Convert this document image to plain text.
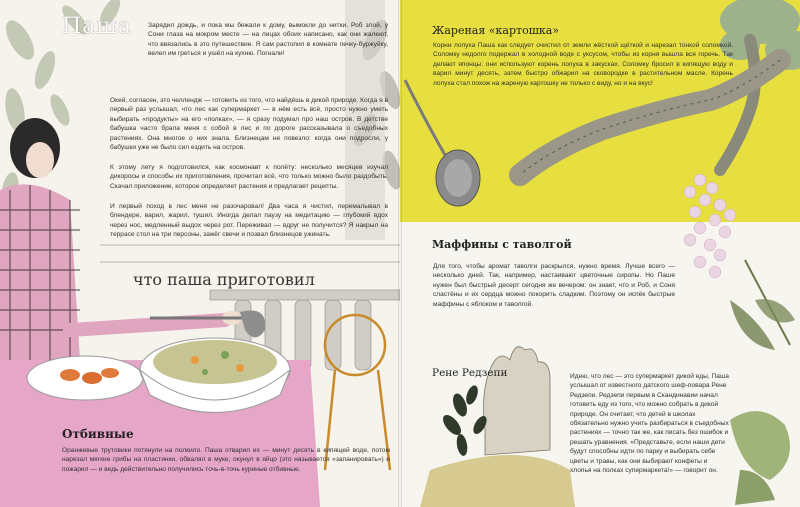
Паша Зарядил дождь, и пока мы бежали к дому, вымокли до нитки. Роб злой, у Сони глаза на мокром месте — на лицах обоих написано, как они жалеют, что ввязались в это путешествие. Я сам растопил в комнате печку-буржуйку, велел им греться и ушёл на кухню. Погнали!
Окей, согласен, это челлендж — готовить из того, что найдёшь в дикой природе. Когда я в первый раз услышал, что лес как супермаркет — в нём есть всё, просто нужно уметь выбирать «продукты» на его «полках», — я сразу подумал про наш остров. В детстве бабушка часто брала меня с собой в лес и по дороге рассказывала о съедобных растениях. Она многое о них знала. Близнецам не повезло: когда они подросли, у бабушки уже не было сил ездить на остров.
К этому лету я подготовился, как космонавт к полёту: несколько месяцев изучал дикоросы и способы их приготовления, прочитал всё, что только можно было раздобыть. Скачал приложение, которое определяет растения и предлагает рецепты.
И первый поход в лес меня не разочаровал! Два часа я чистил, перемалывал в блендере, варил, жарил, тушил. Иногда делал паузу на медитацию — глубокий вдох через нос, медленный выдох через рот. Переживал — вдруг не получится? Я накрыл на террасе стол на три персоны, зажёг свечи и позвал близнецов ужинать.
что паша приготовил
Отбивные
Оранжевые трутовики потянули на полкило. Паша отварил их — минут десять в кипящей воде, потом нарезал мягкие грибы на пластинки, обвалял в муке, окунул в яйцо (это называется «запанировать») и пожарил — и ведь действительно получились точь-в-точь куриные отбивные.
Жареная «картошка»
Корни лопуха Паша как следует очистил от земли жёсткой щёткой и нарезал тонкой соломкой. Соломку недолго подержал в холодной воде с уксусом, чтобы из корня вышла вся горечь. Так делают японцы: они используют корень лопуха в закусках. Соломку бросил в кипящую воду и варил минут десять, затем быстро обжарил на сковородке в растительном масле. Корень лопуха стал похож на жареную картошку не только с виду, но и на вкус!
Маффины с таволгой
Для того, чтобы аромат таволги раскрылся, нужно время. Лучше всего — несколько дней. Так, например, настаивают цветочные сиропы. Но Паше нужен был быстрый десерт сегодня же вечером: он знает, что и Роб, и Соня сластёны и их сердца можно покорить сладким. Поэтому он испёк быстрые маффины с яблоком и таволгой.
Рене Редзепи	Идею, что лес — это супермаркет дикой еды, Паша услышал от известного датского шеф-повара Рене Редзепи. Редзепи первым в Скандинавии начал готовить еду из того, что можно собрать в дикой природе. Он считает, что детей в школах обязательно нужно учить разбираться в съедобных растениях — точно так же, как писать без ошибок и решать уравнения. «Представьте, если наши дети будут способны идти по парку и выбирать себе цветы и травы, как они выбирают конфеты и хлопья на полках супермаркета!» — говорит он.
